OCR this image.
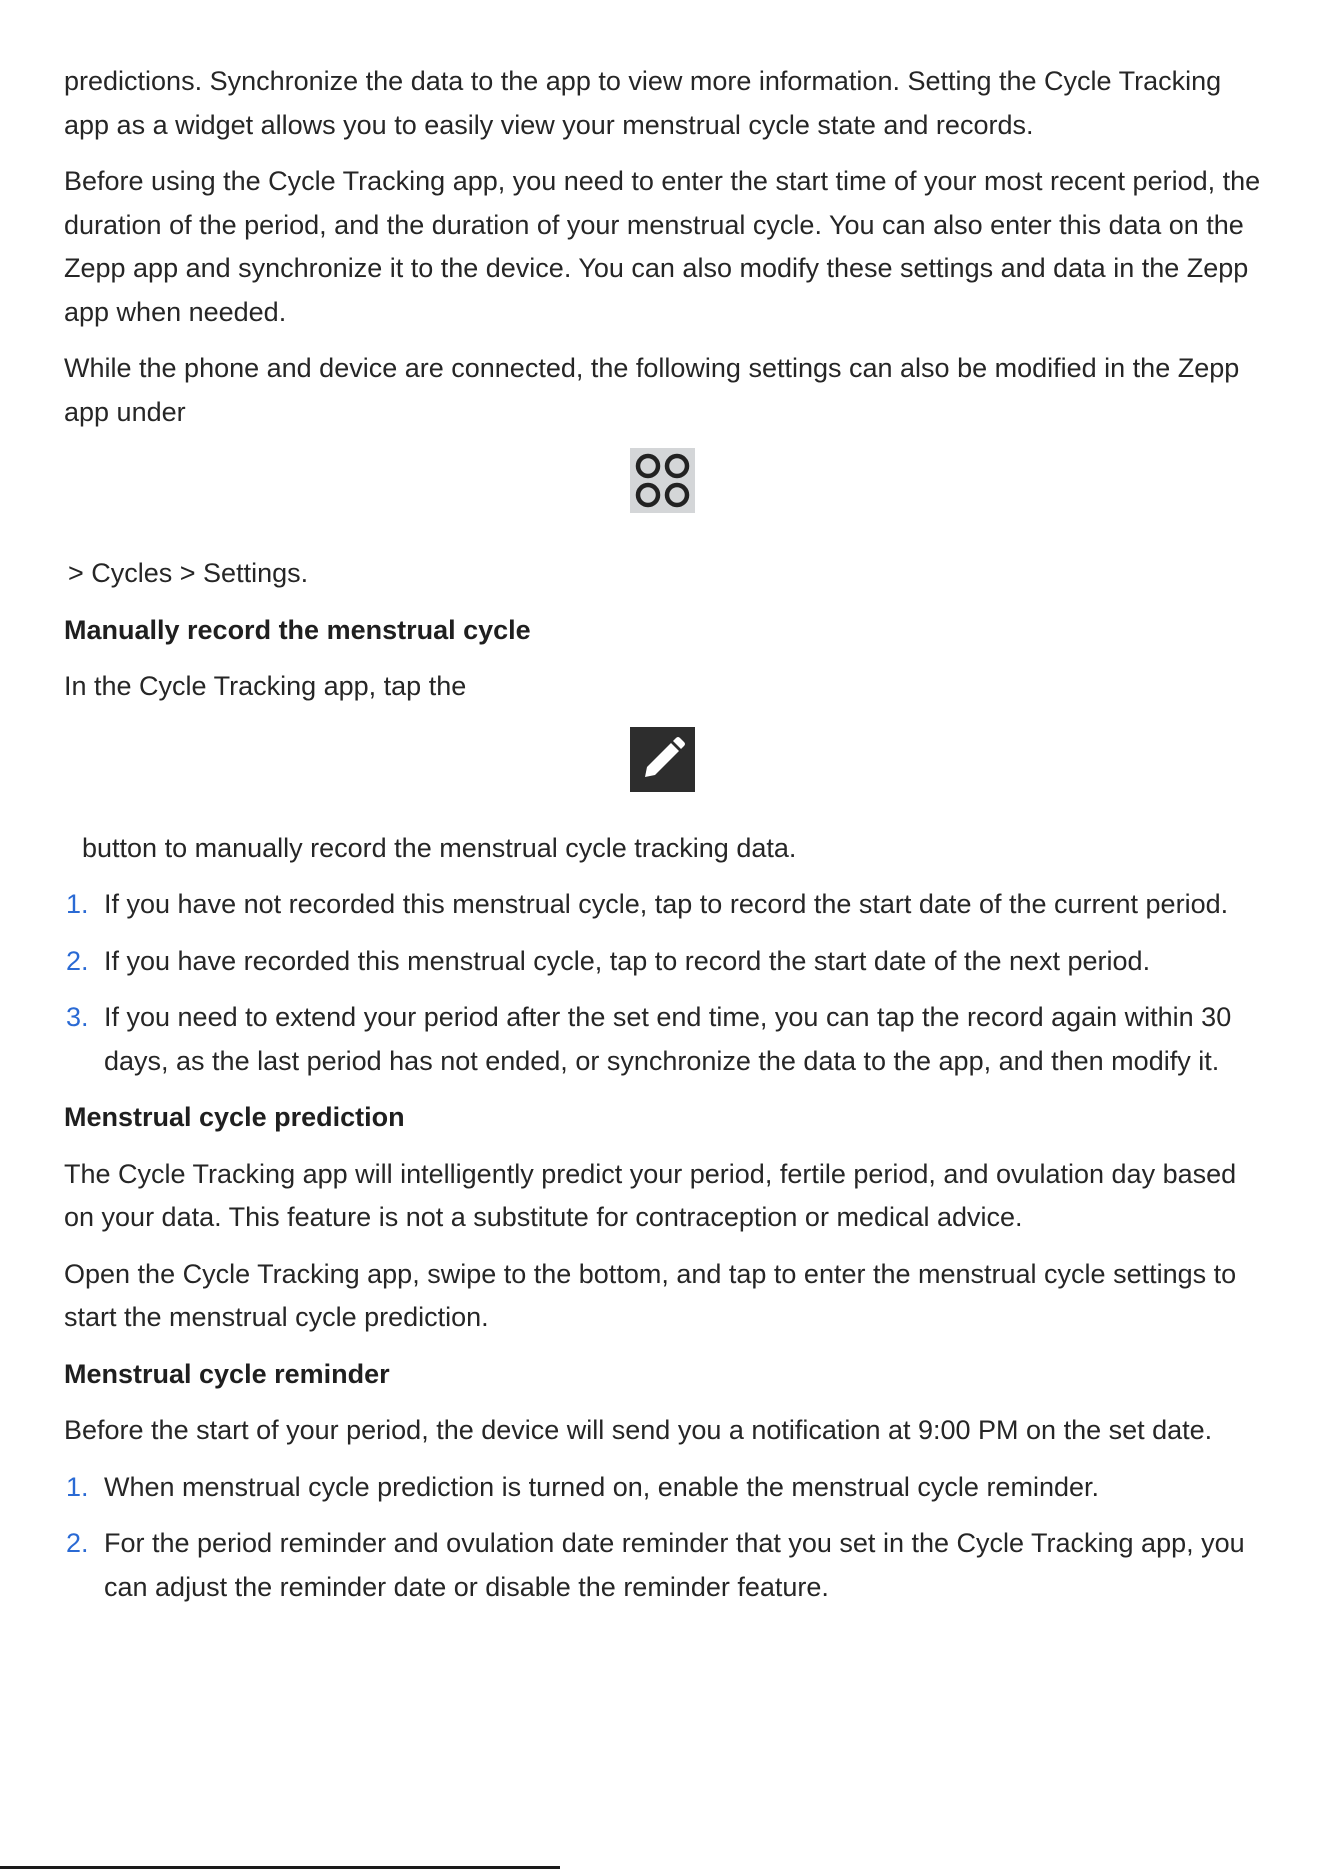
predictions. Synchronize the data to the app to view more information. Setting the Cycle Tracking app as a widget allows you to easily view your menstrual cycle state and records.

Before using the Cycle Tracking app, you need to enter the start time of your most recent period, the duration of the period, and the duration of your menstrual cycle. You can also enter this data on the Zepp app and synchronize it to the device. You can also modify these settings and data in the Zepp app when needed.

While the phone and device are connected, the following settings can also be modified in the Zepp app under

> Cycles > Settings.

Manually record the menstrual cycle

In the Cycle Tracking app, tap the

button to manually record the menstrual cycle tracking data.

1. If you have not recorded this menstrual cycle, tap to record the start date of the current period.
2. If you have recorded this menstrual cycle, tap to record the start date of the next period.
3. If you need to extend your period after the set end time, you can tap the record again within 30 days, as the last period has not ended, or synchronize the data to the app, and then modify it.
Menstrual cycle prediction

The Cycle Tracking app will intelligently predict your period, fertile period, and ovulation day based on your data. This feature is not a substitute for contraception or medical advice.

Open the Cycle Tracking app, swipe to the bottom, and tap to enter the menstrual cycle settings to start the menstrual cycle prediction.

Menstrual cycle reminder

Before the start of your period, the device will send you a notification at 9:00 PM on the set date.

1. When menstrual cycle prediction is turned on, enable the menstrual cycle reminder.
2. For the period reminder and ovulation date reminder that you set in the Cycle Tracking app, you can adjust the reminder date or disable the reminder feature.
